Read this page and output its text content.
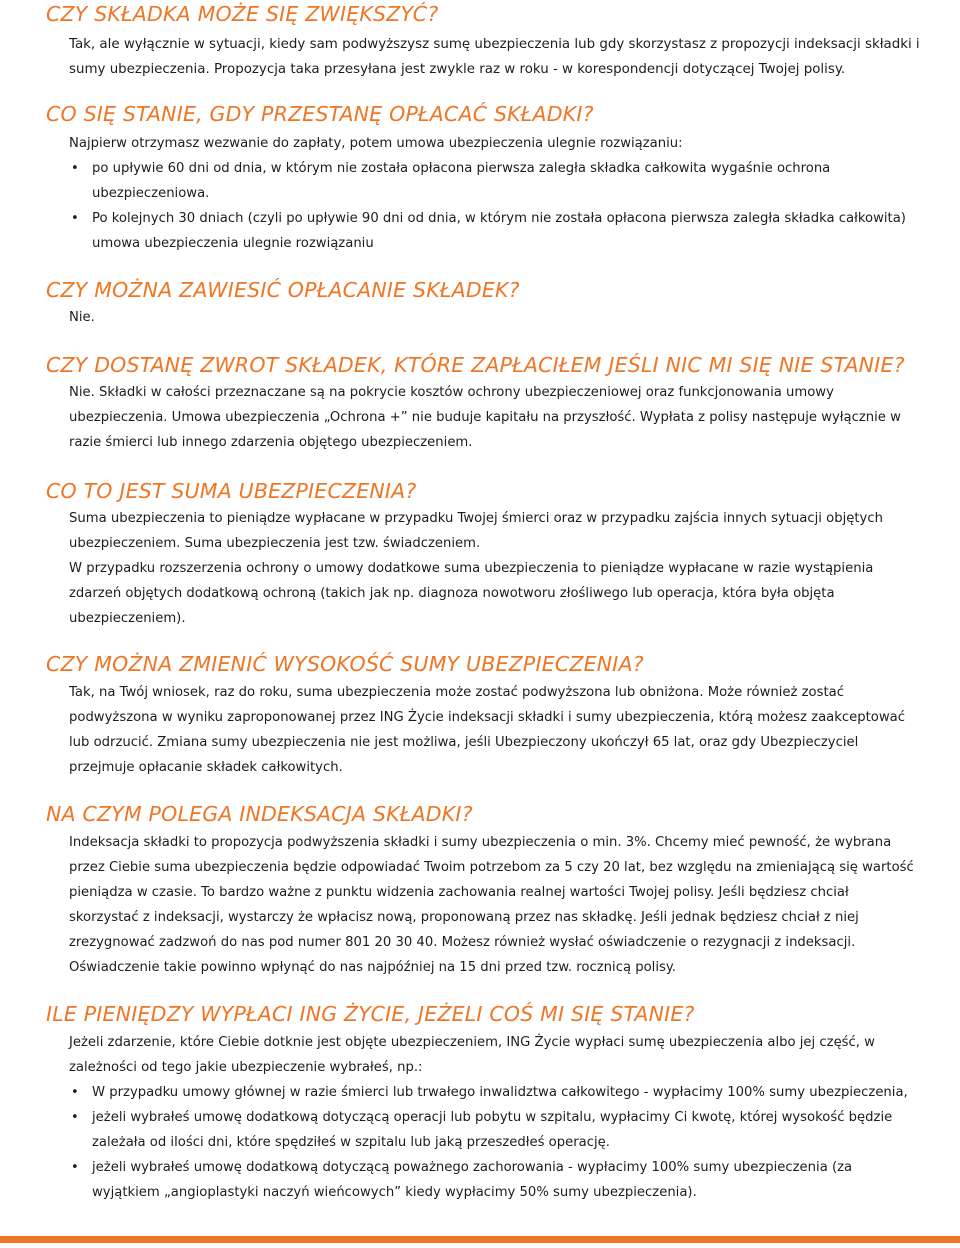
CZY SKŁADKA MOŻE SIĘ ZWIĘKSZYĆ?

Tak, ale wyłącznie w sytuacji, kiedy sam podwyższysz sumę ubezpieczenia lub gdy skorzystasz z propozycji indeksacji składki i sumy ubezpieczenia. Propozycja taka przesyłana jest zwykle raz w roku - w korespondencji dotyczącej Twojej polisy.

CO SIĘ STANIE, GDY PRZESTANĘ OPŁACAĆ SKŁADKI?

Najpierw otrzymasz wezwanie do zapłaty, potem umowa ubezpieczenia ulegnie rozwiązaniu:

• po upływie 60 dni od dnia, w którym nie została opłacona pierwsza zaległa składka całkowita wygaśnie ochrona ubezpieczeniowa.
• Po kolejnych 30 dniach (czyli po upływie 90 dni od dnia, w którym nie została opłacona pierwsza zaległa składka całkowita) umowa ubezpieczenia ulegnie rozwiązaniu
CZY MOŻNA ZAWIESIĆ OPŁACANIE SKŁADEK?

Nie.

CZY DOSTANĘ ZWROT SKŁADEK, KTÓRE ZAPŁACIŁEM JEŚLI NIC MI SIĘ NIE STANIE?

Nie. Składki w całości przeznaczane są na pokrycie kosztów ochrony ubezpieczeniowej oraz funkcjonowania umowy ubezpieczenia. Umowa ubezpieczenia „Ochrona +” nie buduje kapitału na przyszłość. Wypłata z polisy następuje wyłącznie w razie śmierci lub innego zdarzenia objętego ubezpieczeniem.

CO TO JEST SUMA UBEZPIECZENIA?

Suma ubezpieczenia to pieniądze wypłacane w przypadku Twojej śmierci oraz w przypadku zajścia innych sytuacji objętych ubezpieczeniem. Suma ubezpieczenia jest tzw. świadczeniem.

W przypadku rozszerzenia ochrony o umowy dodatkowe suma ubezpieczenia to pieniądze wypłacane w razie wystąpienia zdarzeń objętych dodatkową ochroną (takich jak np. diagnoza nowotworu złośliwego lub operacja, która była objęta ubezpieczeniem).

CZY MOŻNA ZMIENIĆ WYSOKOŚĆ SUMY UBEZPIECZENIA?

Tak, na Twój wniosek, raz do roku, suma ubezpieczenia może zostać podwyższona lub obniżona. Może również zostać podwyższona w wyniku zaproponowanej przez ING Życie indeksacji składki i sumy ubezpieczenia, którą możesz zaakceptować lub odrzucić. Zmiana sumy ubezpieczenia nie jest możliwa, jeśli Ubezpieczony ukończył 65 lat, oraz gdy Ubezpieczyciel przejmuje opłacanie składek całkowitych.

NA CZYM POLEGA INDEKSACJA SKŁADKI?

Indeksacja składki to propozycja podwyższenia składki i sumy ubezpieczenia o min. 3%. Chcemy mieć pewność, że wybrana przez Ciebie suma ubezpieczenia będzie odpowiadać Twoim potrzebom za 5 czy 20 lat, bez względu na zmieniającą się wartość pieniądza w czasie. To bardzo ważne z punktu widzenia zachowania realnej wartości Twojej polisy. Jeśli będziesz chciał skorzystać z indeksacji, wystarczy że wpłacisz nową, proponowaną przez nas składkę. Jeśli jednak będziesz chciał z niej zrezygnować zadzwoń do nas pod numer 801 20 30 40. Możesz również wysłać oświadczenie o rezygnacji z indeksacji. Oświadczenie takie powinno wpłynąć do nas najpóźniej na 15 dni przed tzw. rocznicą polisy.

ILE PIENIĘDZY WYPŁACI ING ŻYCIE, JEŻELI COŚ MI SIĘ STANIE?

Jeżeli zdarzenie, które Ciebie dotknie jest objęte ubezpieczeniem, ING Życie wypłaci sumę ubezpieczenia albo jej część, w zależności od tego jakie ubezpieczenie wybrałeś, np.:

• W przypadku umowy głównej w razie śmierci lub trwałego inwalidztwa całkowitego - wypłacimy 100% sumy ubezpieczenia,
• jeżeli wybrałeś umowę dodatkową dotyczącą operacji lub pobytu w szpitalu, wypłacimy Ci kwotę, której wysokość będzie zależała od ilości dni, które spędziłeś w szpitalu lub jaką przeszedłeś operację.
• jeżeli wybrałeś umowę dodatkową dotyczącą poważnego zachorowania - wypłacimy 100% sumy ubezpieczenia (za wyjątkiem „angioplastyki naczyń wieńcowych” kiedy wypłacimy 50% sumy ubezpieczenia).
